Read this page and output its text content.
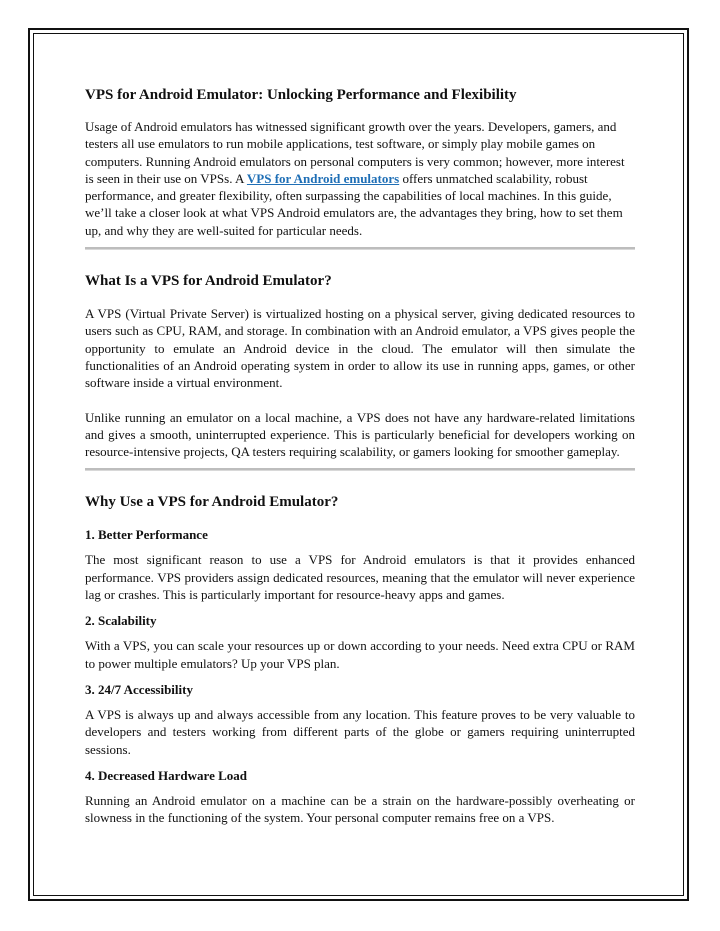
VPS for Android Emulator: Unlocking Performance and Flexibility

Usage of Android emulators has witnessed significant growth over the years. Developers, gamers, and testers all use emulators to run mobile applications, test software, or simply play mobile games on computers. Running Android emulators on personal computers is very common; however, more interest is seen in their use on VPSs. A VPS for Android emulators offers unmatched scalability, robust performance, and greater flexibility, often surpassing the capabilities of local machines. In this guide, we’ll take a closer look at what VPS Android emulators are, the advantages they bring, how to set them up, and why they are well-suited for particular needs.

What Is a VPS for Android Emulator?

A VPS (Virtual Private Server) is virtualized hosting on a physical server, giving dedicated resources to users such as CPU, RAM, and storage. In combination with an Android emulator, a VPS gives people the opportunity to emulate an Android device in the cloud. The emulator will then simulate the functionalities of an Android operating system in order to allow its use in running apps, games, or other software inside a virtual environment.

Unlike running an emulator on a local machine, a VPS does not have any hardware-related limitations and gives a smooth, uninterrupted experience. This is particularly beneficial for developers working on resource-intensive projects, QA testers requiring scalability, or gamers looking for smoother gameplay.

Why Use a VPS for Android Emulator?
1. Better Performance

The most significant reason to use a VPS for Android emulators is that it provides enhanced performance. VPS providers assign dedicated resources, meaning that the emulator will never experience lag or crashes. This is particularly important for resource-heavy apps and games.

2. Scalability

With a VPS, you can scale your resources up or down according to your needs. Need extra CPU or RAM to power multiple emulators? Up your VPS plan.

3. 24/7 Accessibility

A VPS is always up and always accessible from any location. This feature proves to be very valuable to developers and testers working from different parts of the globe or gamers requiring uninterrupted sessions.

4. Decreased Hardware Load

Running an Android emulator on a machine can be a strain on the hardware-possibly overheating or slowness in the functioning of the system. Your personal computer remains free on a VPS.
